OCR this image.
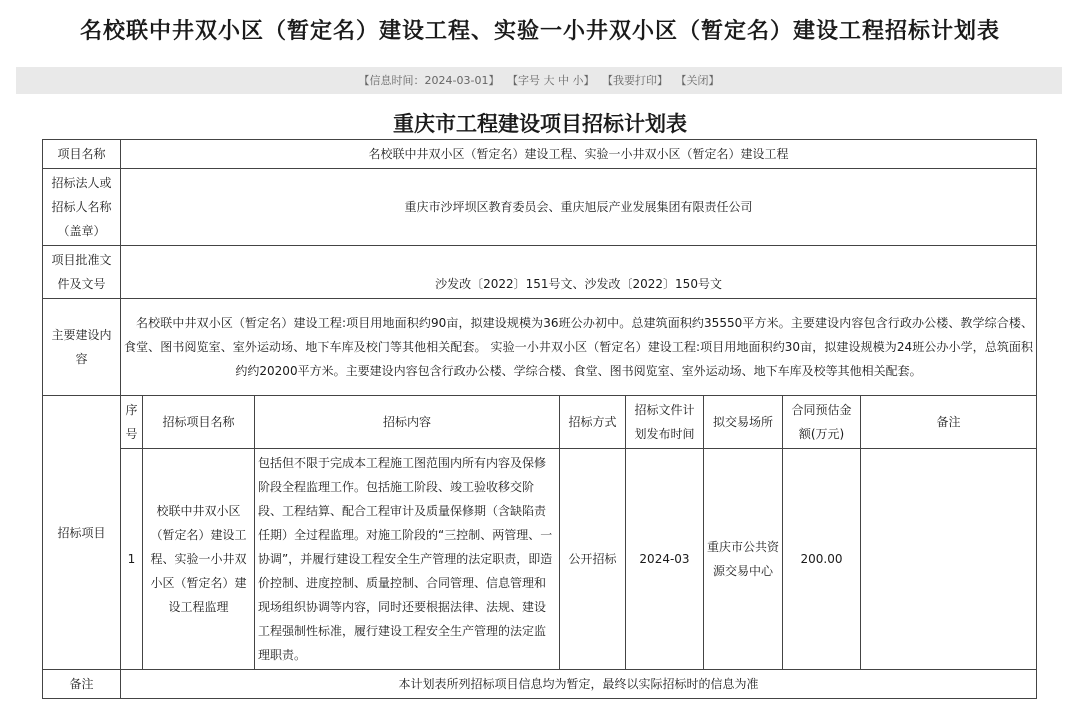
名校联中井双小区（暂定名）建设工程、实验一小井双小区（暂定名）建设工程招标计划表
【信息时间：2024-03-01】 【字号 大 中 小】 【我要打印】 【关闭】
重庆市工程建设项目招标计划表
项目名称	名校联中井双小区（暂定名）建设工程、实验一小井双小区（暂定名）建设工程							
招标法人或招标人名称（盖章）	重庆市沙坪坝区教育委员会、重庆旭辰产业发展集团有限责任公司							
项目批准文件及文号	沙发改〔2022〕151号文、沙发改〔2022〕150号文							
主要建设内容	名校联中井双小区（暂定名）建设工程:项目用地面积约90亩，拟建设规模为36班公办初中。总建筑面积约35550平方米。主要建设内容包含行政办公楼、教学综合楼、食堂、图书阅览室、室外运动场、地下车库及校门等其他相关配套。 实验一小井双小区（暂定名）建设工程:项目用地面积约30亩，拟建设规模为24班公办小学，总筑面积约约20200平方米。主要建设内容包含行政办公楼、学综合楼、食堂、图书阅览室、室外运动场、地下车库及校等其他相关配套。							
招标项目	序号	招标项目名称	招标内容	招标方式	招标文件计划发布时间	拟交易场所	合同预估金额(万元)	备注
	1	校联中井双小区（暂定名）建设工程、实验一小井双小区（暂定名）建设工程监理	包括但不限于完成本工程施工图范围内所有内容及保修阶段全程监理工作。包括施工阶段、竣工验收移交阶段、工程结算、配合工程审计及质量保修期（含缺陷责任期）全过程监理。对施工阶段的“三控制、两管理、一协调”，并履行建设工程安全生产管理的法定职责，即造价控制、进度控制、质量控制、合同管理、信息管理和现场组织协调等内容，同时还要根据法律、法规、建设工程强制性标准，履行建设工程安全生产管理的法定监理职责。	公开招标	2024-03	重庆市公共资源交易中心	200.00	
备注	本计划表所列招标项目信息均为暂定，最终以实际招标时的信息为准							
